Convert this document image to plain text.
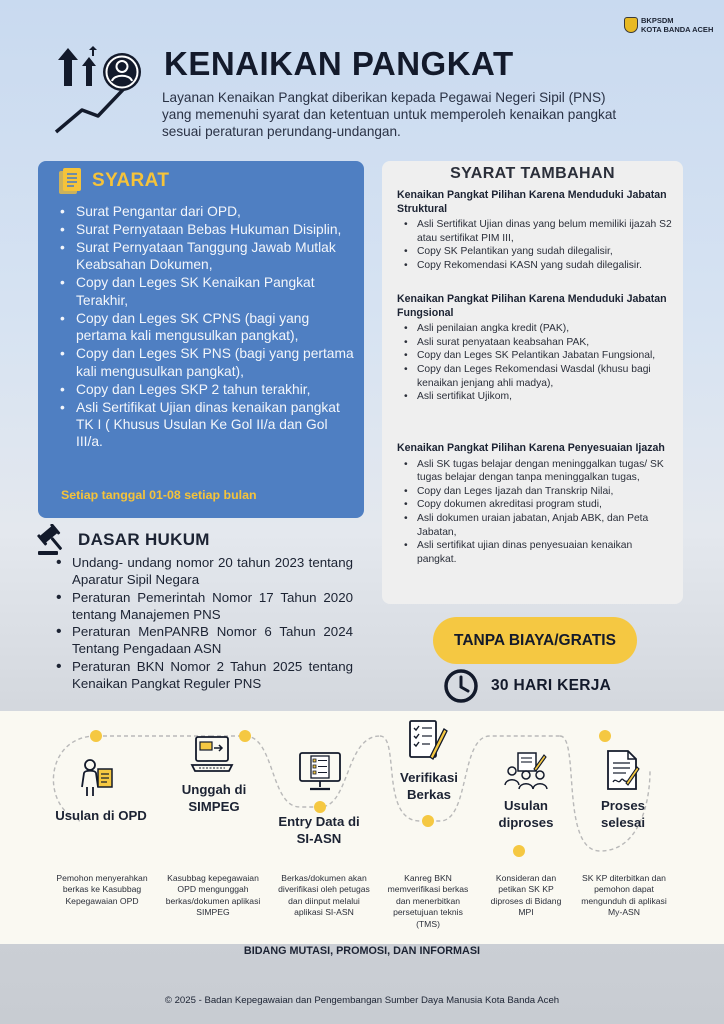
BKPSDM
KOTA BANDA ACEH
KENAIKAN PANGKAT
Layanan Kenaikan Pangkat diberikan kepada Pegawai Negeri Sipil (PNS) yang memenuhi syarat dan ketentuan untuk memperoleh kenaikan pangkat sesuai peraturan perundang-undangan.
SYARAT
• Surat Pengantar dari OPD,
• Surat Pernyataan Bebas Hukuman Disiplin,
• Surat Pernyataan Tanggung Jawab Mutlak Keabsahan Dokumen,
• Copy dan Leges SK Kenaikan Pangkat Terakhir,
• Copy dan Leges SK CPNS (bagi yang pertama kali mengusulkan pangkat),
• Copy dan Leges SK PNS (bagi yang pertama kali mengusulkan pangkat),
• Copy dan Leges SKP 2 tahun terakhir,
• Asli Sertifikat Ujian dinas kenaikan pangkat TK I ( Khusus Usulan Ke Gol II/a dan Gol III/a.
Setiap tanggal 01-08 setiap bulan
SYARAT TAMBAHAN
Kenaikan Pangkat Pilihan Karena Menduduki Jabatan Struktural
• Asli Sertifikat Ujian dinas yang belum memiliki ijazah S2 atau sertifikat PIM III,
• Copy SK Pelantikan yang sudah dilegalisir,
• Copy Rekomendasi KASN yang sudah dilegalisir.
Kenaikan Pangkat Pilihan Karena Menduduki Jabatan Fungsional
• Asli penilaian angka kredit (PAK),
• Asli surat penyataan keabsahan PAK,
• Copy dan Leges SK Pelantikan Jabatan Fungsional,
• Copy dan Leges Rekomendasi Wasdal (khusu bagi kenaikan jenjang ahli madya),
• Asli sertifikat Ujikom,
Kenaikan Pangkat Pilihan Karena Penyesuaian Ijazah
• Asli SK tugas belajar dengan meninggalkan tugas/ SK tugas belajar dengan tanpa meninggalkan tugas,
• Copy dan Leges Ijazah dan Transkrip Nilai,
• Copy dokumen akreditasi program studi,
• Asli dokumen uraian jabatan, Anjab ABK, dan Peta Jabatan,
• Asli sertifikat ujian dinas penyesuaian kenaikan pangkat.
DASAR HUKUM
• Undang- undang nomor 20 tahun 2023 tentang Aparatur Sipil Negara
• Peraturan Pemerintah Nomor 17 Tahun 2020 tentang Manajemen PNS
• Peraturan MenPANRB Nomor 6 Tahun 2024 Tentang Pengadaan ASN
• Peraturan BKN Nomor 2 Tahun 2025 tentang Kenaikan Pangkat Reguler PNS
TANPA BIAYA/GRATIS
30 HARI KERJA
Usulan di OPD
Pemohon menyerahkan berkas ke Kasubbag Kepegawaian OPD
Unggah di SIMPEG
Kasubbag kepegawaian OPD mengunggah berkas/dokumen aplikasi SIMPEG
Entry Data di SI-ASN
Berkas/dokumen akan diverifikasi oleh petugas dan diinput melalui aplikasi SI-ASN
Verifikasi Berkas
Kanreg BKN memverifikasi berkas dan menerbitkan persetujuan teknis (TMS)
Usulan diproses
Konsideran dan petikan SK KP diproses di Bidang MPI
Proses selesai
SK KP diterbitkan dan pemohon dapat mengunduh di aplikasi My-ASN
BIDANG MUTASI, PROMOSI, DAN INFORMASI
© 2025 - Badan Kepegawaian dan Pengembangan Sumber Daya Manusia Kota Banda Aceh
